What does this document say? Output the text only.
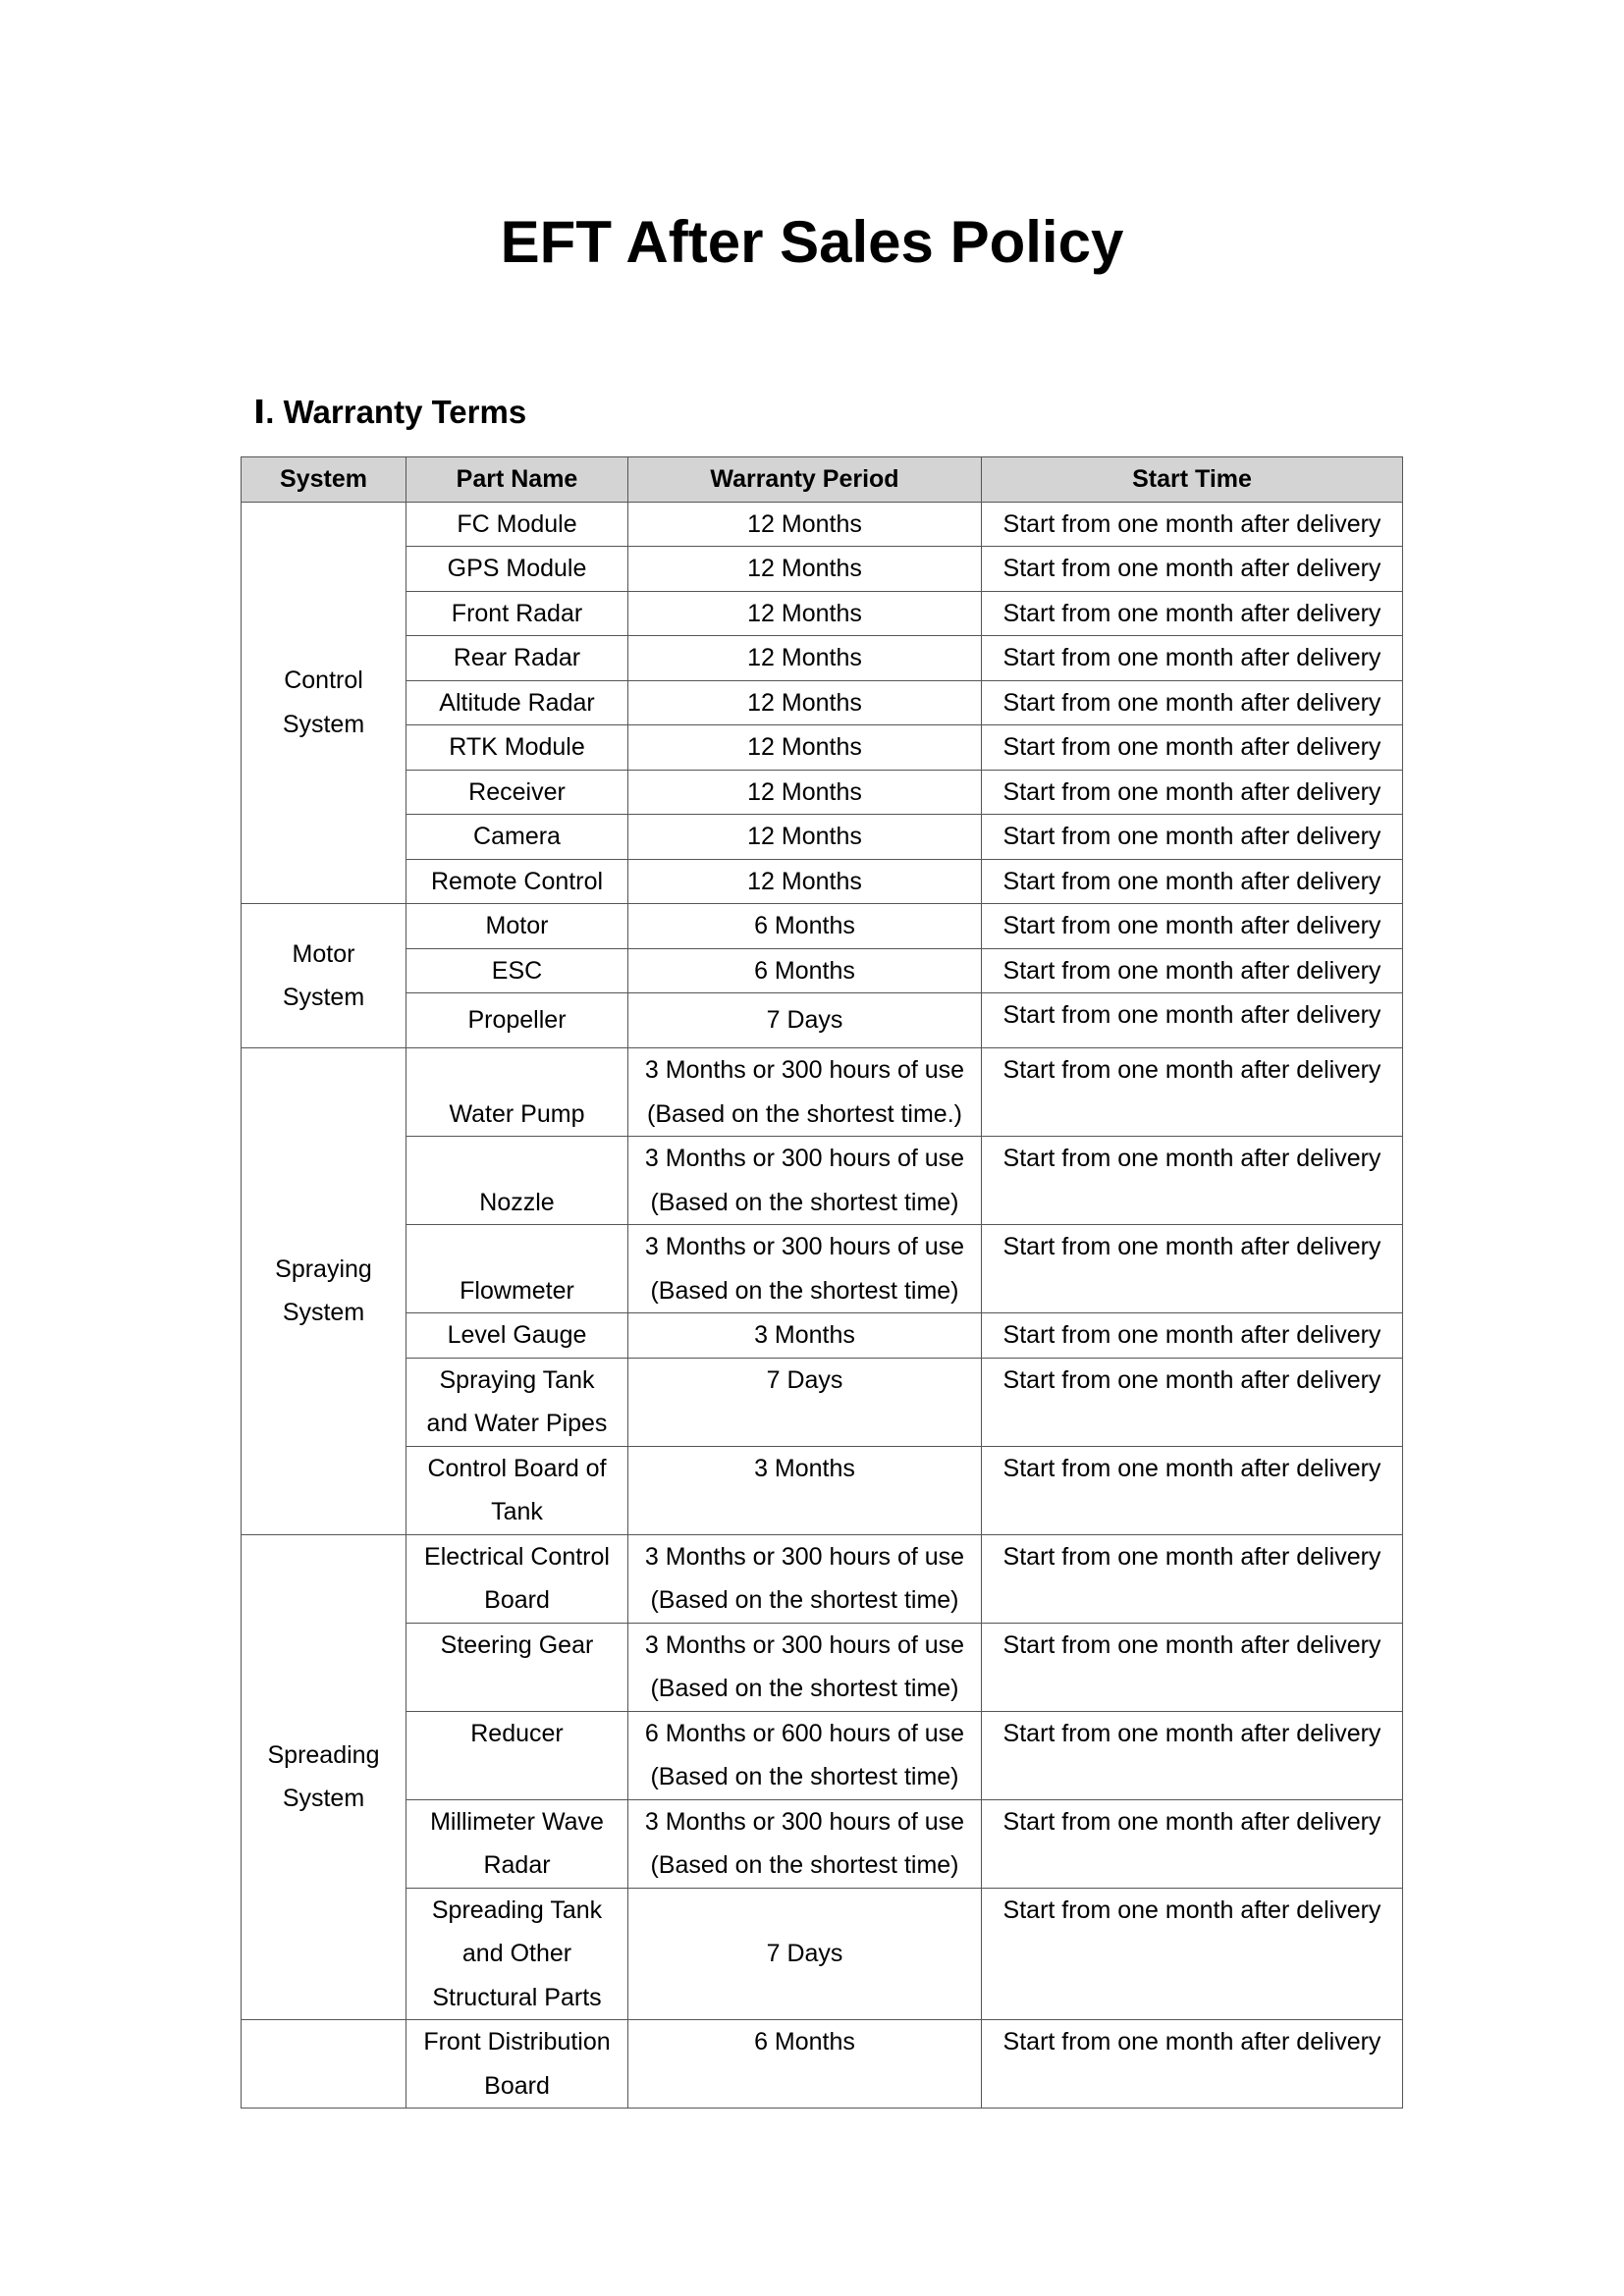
EFT After Sales Policy
Ⅰ. Warranty Terms
System	Part Name	Warranty Period	Start Time

Control
System	FC Module	12 Months	Start from one month after delivery

	GPS Module	12 Months	Start from one month after delivery

	Front Radar	12 Months	Start from one month after delivery

	Rear Radar	12 Months	Start from one month after delivery

	Altitude Radar	12 Months	Start from one month after delivery

	RTK Module	12 Months	Start from one month after delivery

	Receiver	12 Months	Start from one month after delivery

	Camera	12 Months	Start from one month after delivery

	Remote Control	12 Months	Start from one month after delivery

Motor
System	Motor	6 Months	Start from one month after delivery

	ESC	6 Months	Start from one month after delivery

	Propeller	7 Days	Start from one month after delivery

Spraying
System	Water Pump	3 Months or 300 hours of use
(Based on the shortest time.)	Start from one month after delivery

	Nozzle	3 Months or 300 hours of use
(Based on the shortest time)	Start from one month after delivery

	Flowmeter	3 Months or 300 hours of use
(Based on the shortest time)	Start from one month after delivery

	Level Gauge	3 Months	Start from one month after delivery

	Spraying Tank
and Water Pipes	7 Days	Start from one month after delivery

	Control Board of
Tank	3 Months	Start from one month after delivery

Spreading
System	Electrical Control
Board	3 Months or 300 hours of use
(Based on the shortest time)	Start from one month after delivery

	Steering Gear	3 Months or 300 hours of use
(Based on the shortest time)	Start from one month after delivery

	Reducer	6 Months or 600 hours of use
(Based on the shortest time)	Start from one month after delivery

	Millimeter Wave
Radar	3 Months or 300 hours of use
(Based on the shortest time)	Start from one month after delivery

	Spreading Tank
and Other
Structural Parts	7 Days	Start from one month after delivery

	Front Distribution
Board	6 Months	Start from one month after delivery
